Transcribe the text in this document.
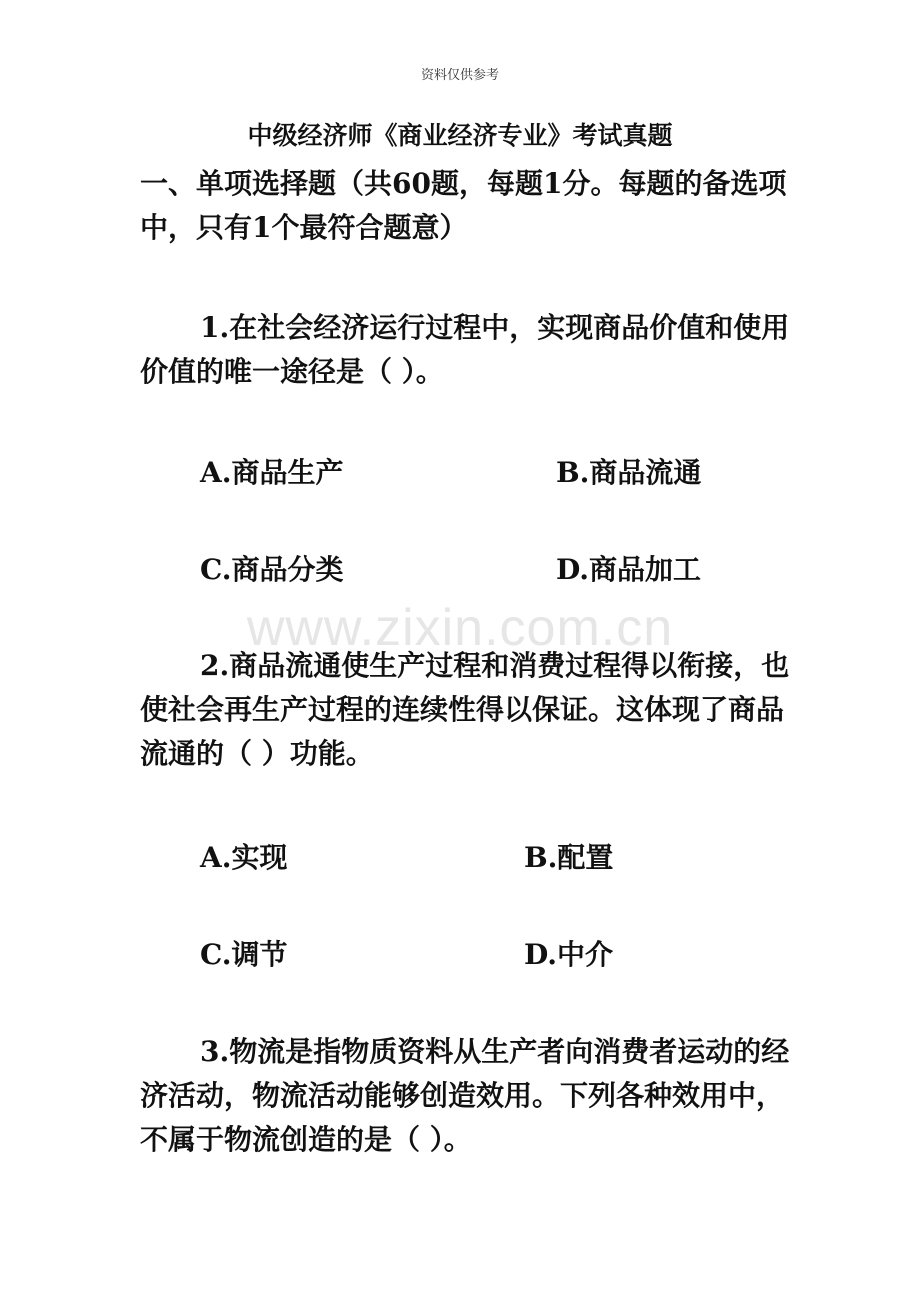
资料仅供参考
www.zixin.com.cn
中级经济师《商业经济专业》考试真题

一、单项选择题（共60题，每题1分。每题的备选项中，只有1个最符合题意）

1.在社会经济运行过程中，实现商品价值和使用价值的唯一途径是（ ）。

A.商品生产	B.商品流通
C.商品分类	D.商品加工

2.商品流通使生产过程和消费过程得以衔接，也使社会再生产过程的连续性得以保证。这体现了商品流通的（ ）功能。

A.实现	B.配置
C.调节	D.中介

3.物流是指物质资料从生产者向消费者运动的经济活动，物流活动能够创造效用。下列各种效用中，不属于物流创造的是（ ）。
